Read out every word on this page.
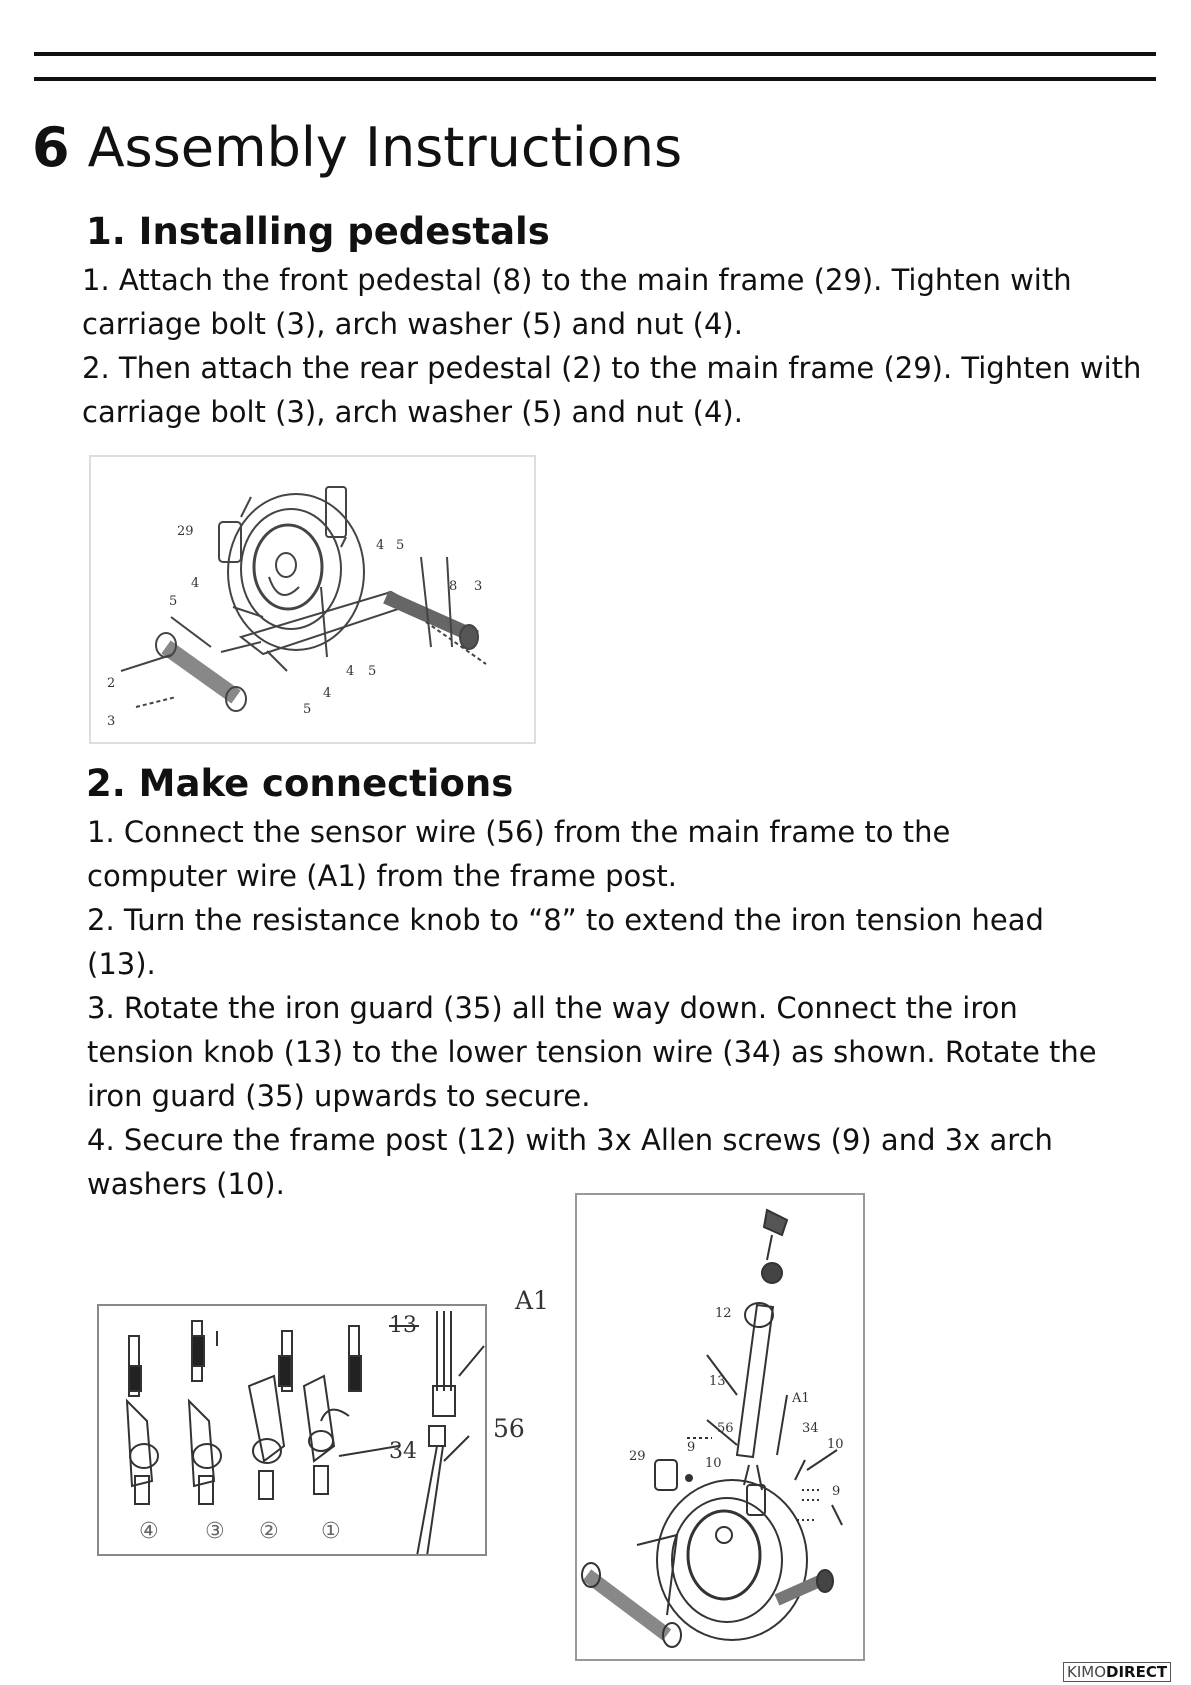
6 Assembly Instructions
1. Installing pedestals

1. Attach the front pedestal (8) to the main frame (29). Tighten with carriage bolt (3), arch washer (5) and nut (4).

2. Then attach the rear pedestal (2) to the main frame (29). Tighten with carriage bolt (3), arch washer (5) and nut (4).

29
4 5
8 3
4
5
2
3
4 5
4
5
2. Make connections

1. Connect the sensor wire (56) from the main frame to the computer wire (A1) from the frame post.

2. Turn the resistance knob to “8” to extend the iron tension head (13).

3. Rotate the iron guard (35) all the way down. Connect the iron tension knob (13) to the lower tension wire (34) as shown. Rotate the iron guard (35) upwards to secure.

4. Secure the frame post (12) with 3x Allen screws (9) and 3x arch washers (10).

13
34
④ ③ ② ①
A1
56
12
13
A1
56	34
9
10
29
10
9
KIMODIRECT
